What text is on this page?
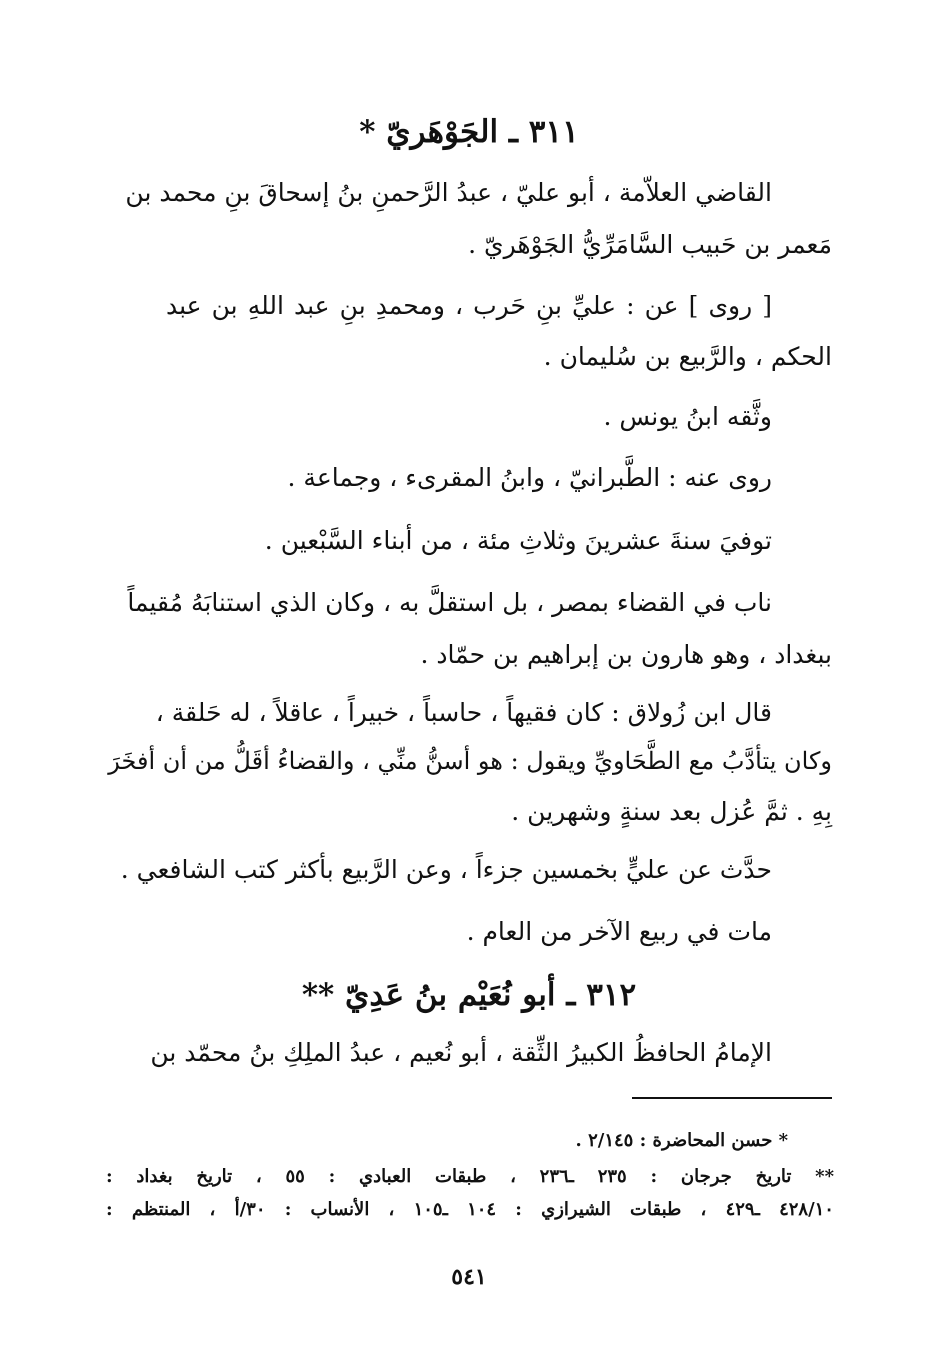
٣١١ ـ الجَوْهَريّ *

القاضي العلاّمة ، أبو عليّ ، عبدُ الرَّحمنِ بنُ إسحاقَ بنِ محمد بن

مَعمر بن حَبيب السَّامَرِّيُّ الجَوْهَريّ .

[ روى ] عن : عليِّ بنِ حَرب ، ومحمدِ بنِ عبد اللهِ بن عبد

الحكم ، والرَّبيع بن سُليمان .

وثَّقه ابنُ يونس .

روى عنه : الطَّبرانيّ ، وابنُ المقرىء ، وجماعة .

توفيَ سنةَ عشرينَ وثلاثِ مئة ، من أبناء السَّبْعين .

ناب في القضاء بمصر ، بل استقلَّ به ، وكان الذي استنابَهُ مُقيماً

ببغداد ، وهو هارون بن إبراهيم بن حمّاد .

قال ابن زُولاق : كان فقيهاً ، حاسباً ، خبيراً ، عاقلاً ، له حَلقة ،

وكان يتأدَّبُ مع الطَّحَاويِّ ويقول : هو أسنُّ منِّي ، والقضاءُ أقَلُّ من أن أفخَرَ

بِهِ . ثمَّ عُزل بعد سنةٍ وشهرين .

حدَّث عن عليٍّ بخمسين جزءاً ، وعن الرَّبيع بأكثر كتب الشافعي .

مات في ربيع الآخر من العام .

٣١٢ ـ أبو نُعَيْم بنُ عَدِيّ **

الإمامُ الحافظُ الكبيرُ الثِّقة ، أبو نُعيم ، عبدُ الملِكِ بنُ محمّد بن

* حسن المحاضرة : ٢/١٤٥ .
** تاريخ جرجان : ٢٣٥ ـ٢٣٦ ، طبقات العبادي : ٥٥ ، تاريخ بغداد :
٤٢٨/١٠ ـ٤٢٩ ، طبقات الشيرازي : ١٠٤ ـ١٠٥ ، الأنساب : ٣٠/أ ، المنتظم :
٥٤١
